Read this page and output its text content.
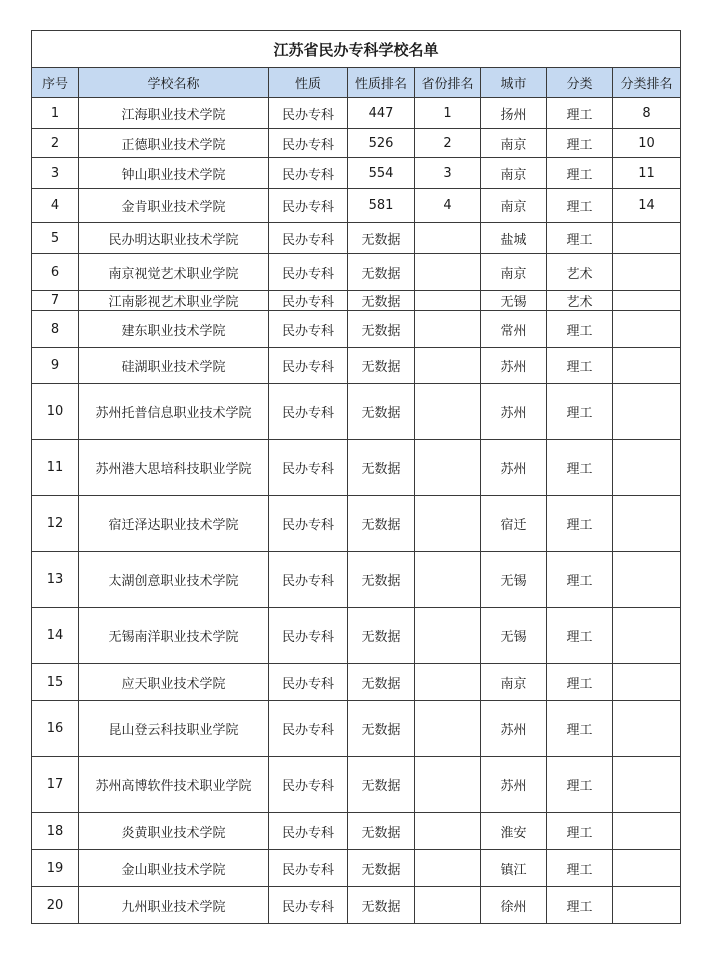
江苏省民办专科学校名单							
序号	学校名称	性质	性质排名	省份排名	城市	分类	分类排名
1	江海职业技术学院	民办专科	447	1	扬州	理工	8
2	正德职业技术学院	民办专科	526	2	南京	理工	10
3	钟山职业技术学院	民办专科	554	3	南京	理工	11
4	金肯职业技术学院	民办专科	581	4	南京	理工	14
5	民办明达职业技术学院	民办专科	无数据		盐城	理工	
6	南京视觉艺术职业学院	民办专科	无数据		南京	艺术	
7	江南影视艺术职业学院	民办专科	无数据		无锡	艺术	
8	建东职业技术学院	民办专科	无数据		常州	理工	
9	硅湖职业技术学院	民办专科	无数据		苏州	理工	
10	苏州托普信息职业技术学院	民办专科	无数据		苏州	理工	
11	苏州港大思培科技职业学院	民办专科	无数据		苏州	理工	
12	宿迁泽达职业技术学院	民办专科	无数据		宿迁	理工	
13	太湖创意职业技术学院	民办专科	无数据		无锡	理工	
14	无锡南洋职业技术学院	民办专科	无数据		无锡	理工	
15	应天职业技术学院	民办专科	无数据		南京	理工	
16	昆山登云科技职业学院	民办专科	无数据		苏州	理工	
17	苏州高博软件技术职业学院	民办专科	无数据		苏州	理工	
18	炎黄职业技术学院	民办专科	无数据		淮安	理工	
19	金山职业技术学院	民办专科	无数据		镇江	理工	
20	九州职业技术学院	民办专科	无数据		徐州	理工	
